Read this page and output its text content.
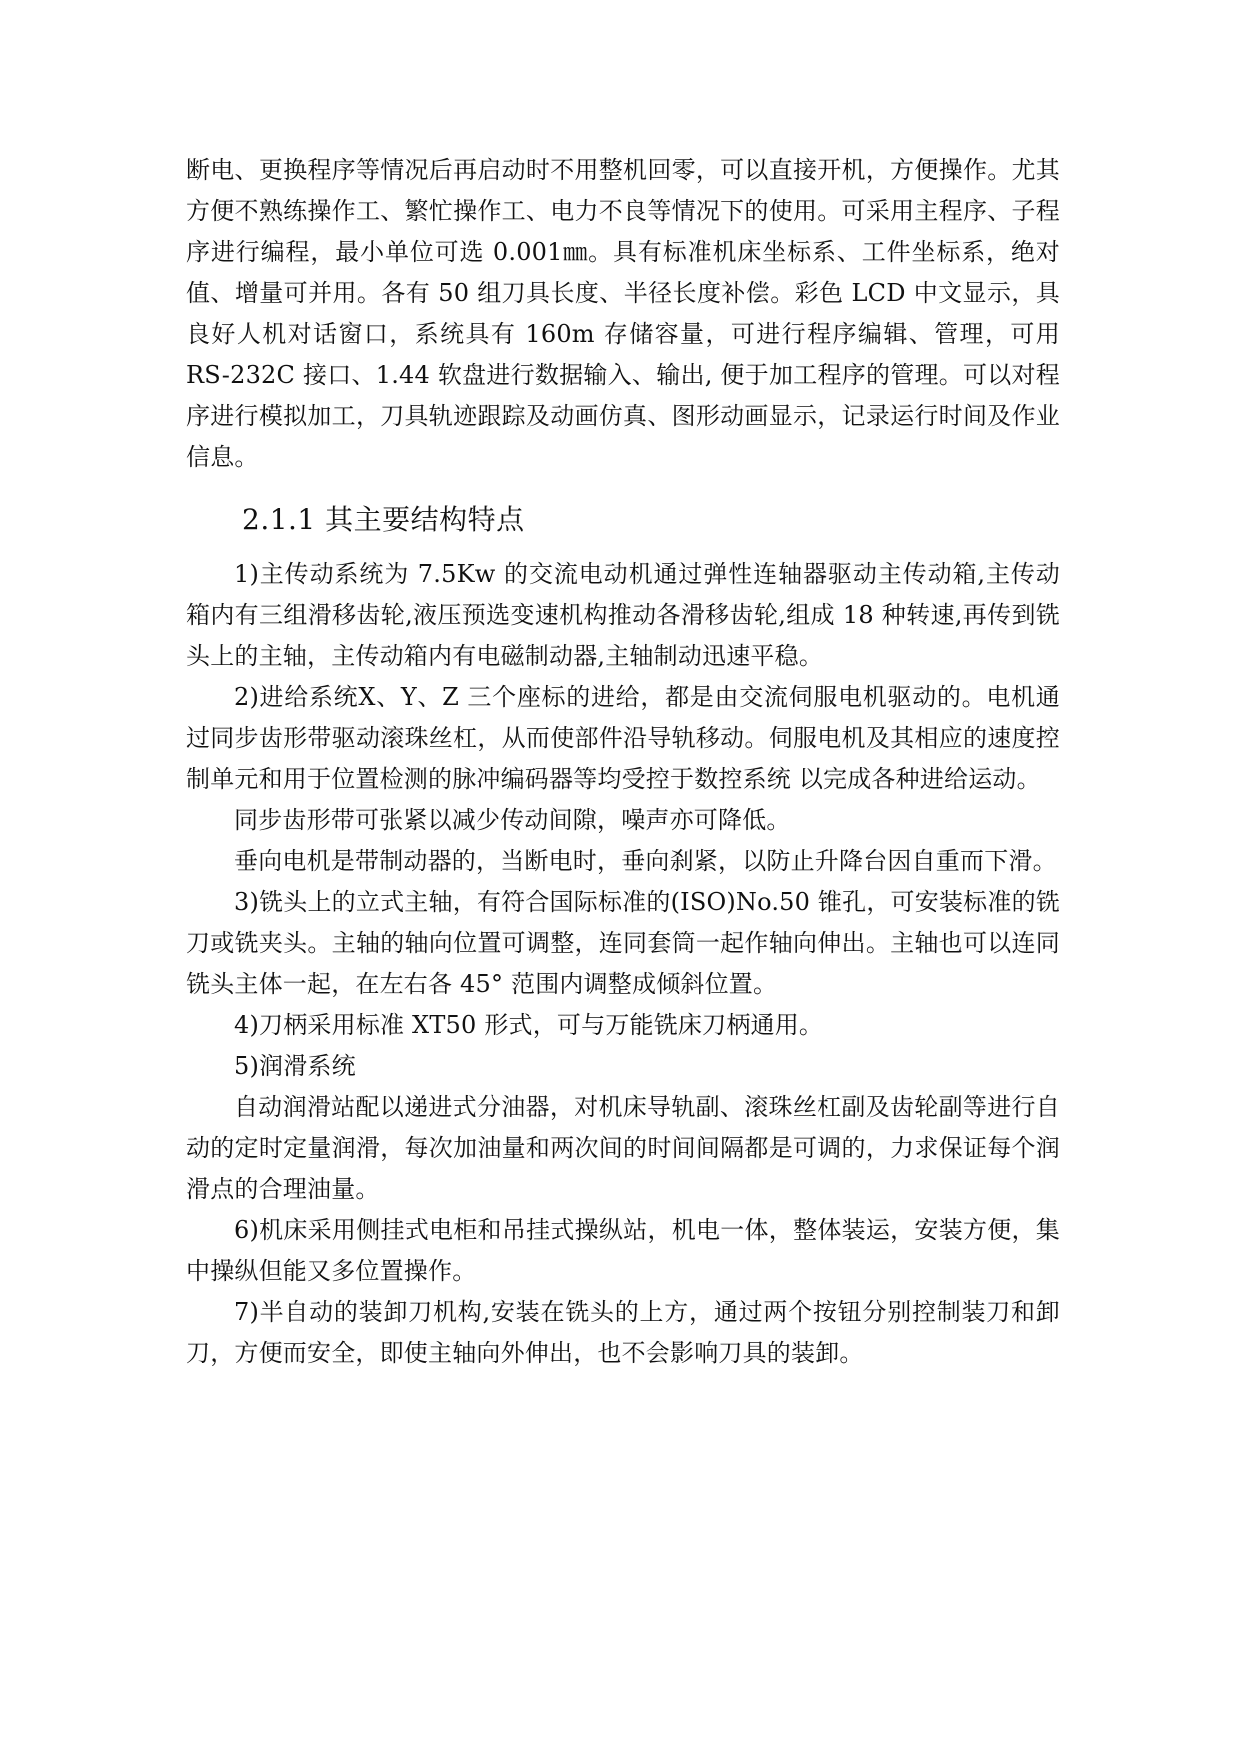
断电、更换程序等情况后再启动时不用整机回零，可以直接开机，方便操作。尤其方便不熟练操作工、繁忙操作工、电力不良等情况下的使用。可采用主程序、子程序进行编程，最小单位可选 0.001㎜。具有标准机床坐标系、工件坐标系，绝对值、增量可并用。各有 50 组刀具长度、半径长度补偿。彩色 LCD 中文显示，具良好人机对话窗口，系统具有 160m 存储容量，可进行程序编辑、管理，可用 RS-232C 接口、1.44 软盘进行数据输入、输出, 便于加工程序的管理。可以对程序进行模拟加工，刀具轨迹跟踪及动画仿真、图形动画显示，记录运行时间及作业信息。

2.1.1 其主要结构特点

1)主传动系统为 7.5Kw 的交流电动机通过弹性连轴器驱动主传动箱,主传动箱内有三组滑移齿轮,液压预选变速机构推动各滑移齿轮,组成 18 种转速,再传到铣头上的主轴，主传动箱内有电磁制动器,主轴制动迅速平稳。

2)进给系统X、Y、Z 三个座标的进给，都是由交流伺服电机驱动的。电机通过同步齿形带驱动滚珠丝杠，从而使部件沿导轨移动。伺服电机及其相应的速度控制单元和用于位置检测的脉冲编码器等均受控于数控系统 以完成各种进给运动。

同步齿形带可张紧以减少传动间隙，噪声亦可降低。

垂向电机是带制动器的，当断电时，垂向刹紧，以防止升降台因自重而下滑。

3)铣头上的立式主轴，有符合国际标准的(ISO)No.50 锥孔，可安装标准的铣刀或铣夹头。主轴的轴向位置可调整，连同套筒一起作轴向伸出。主轴也可以连同铣头主体一起，在左右各 45° 范围内调整成倾斜位置。

4)刀柄采用标准 XT50 形式，可与万能铣床刀柄通用。

5)润滑系统

自动润滑站配以递进式分油器，对机床导轨副、滚珠丝杠副及齿轮副等进行自动的定时定量润滑，每次加油量和两次间的时间间隔都是可调的，力求保证每个润滑点的合理油量。

6)机床采用侧挂式电柜和吊挂式操纵站，机电一体，整体装运，安装方便，集中操纵但能又多位置操作。

7)半自动的装卸刀机构,安装在铣头的上方，通过两个按钮分别控制装刀和卸刀，方便而安全，即使主轴向外伸出，也不会影响刀具的装卸。
